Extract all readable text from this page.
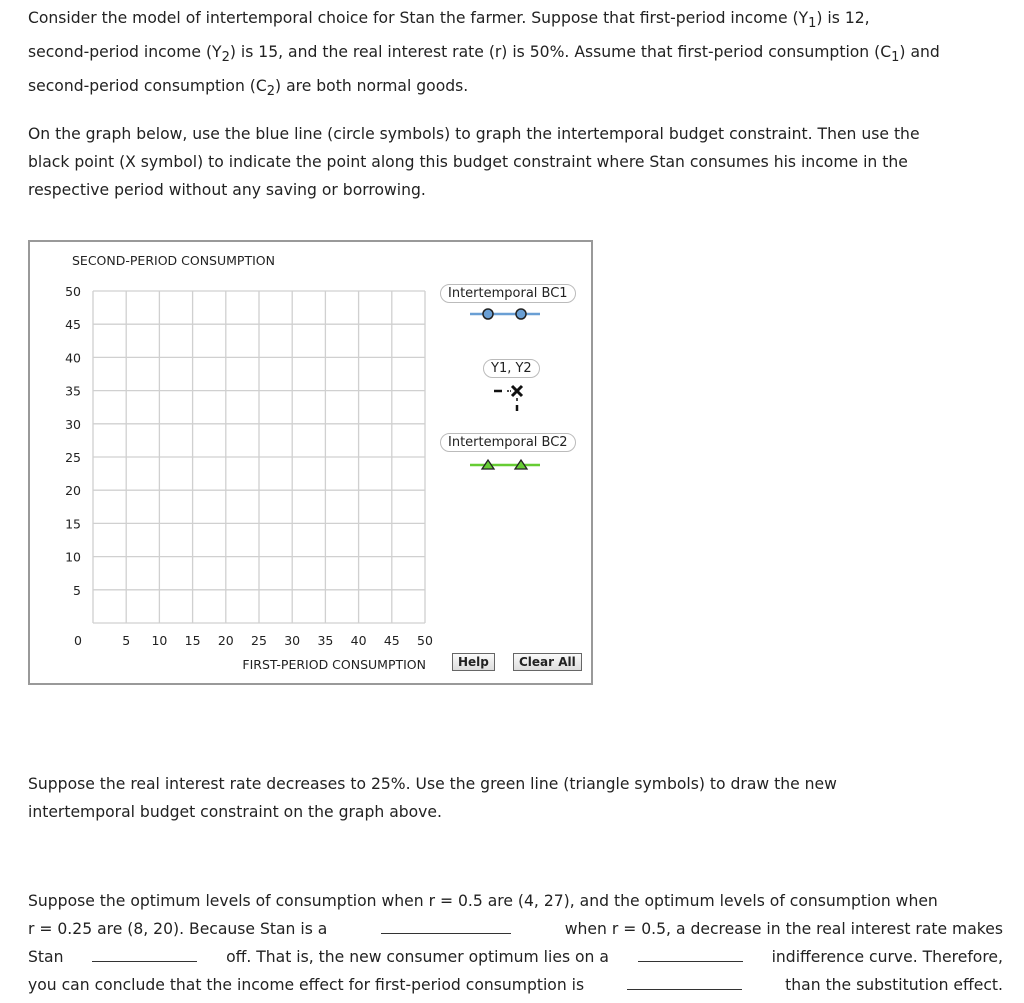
Consider the model of intertemporal choice for Stan the farmer. Suppose that first-period income $(Y_1)$ is 12,
second-period income $(Y_2)$ is 15, and the real interest rate (r) is 50%. Assume that first-period consumption $(C_1)$ and
second-period consumption $(C_2)$ are both normal goods.
On the graph below, use the blue line (circle symbols) to graph the intertemporal budget constraint. Then use the
black point (X symbol) to indicate the point along this budget constraint where Stan consumes his income in the
respective period without any saving or borrowing.
SECOND-PERIOD CONSUMPTION
FIRST-PERIOD CONSUMPTION
0	5 10 15 20 25 30 35 40 45 50
5
10
15
20
25
30
35
40
45
50	Intertemporal BC1
Y1, Y2
Intertemporal BC2
Help	Clear All
Suppose the real interest rate decreases to 25%. Use the green line (triangle symbols) to draw the new
intertemporal budget constraint on the graph above.
Suppose the optimum levels of consumption when r = 0.5 are (4, 27), and the optimum levels of consumption when
r = 0.25 are (8, 20). Because Stan is a	when r = 0.5, a decrease in the real interest rate makes
Stan	off. That is, the new consumer optimum lies on a	indifference curve. Therefore,
you can conclude that the income effect for first-period consumption is	than the substitution effect.
